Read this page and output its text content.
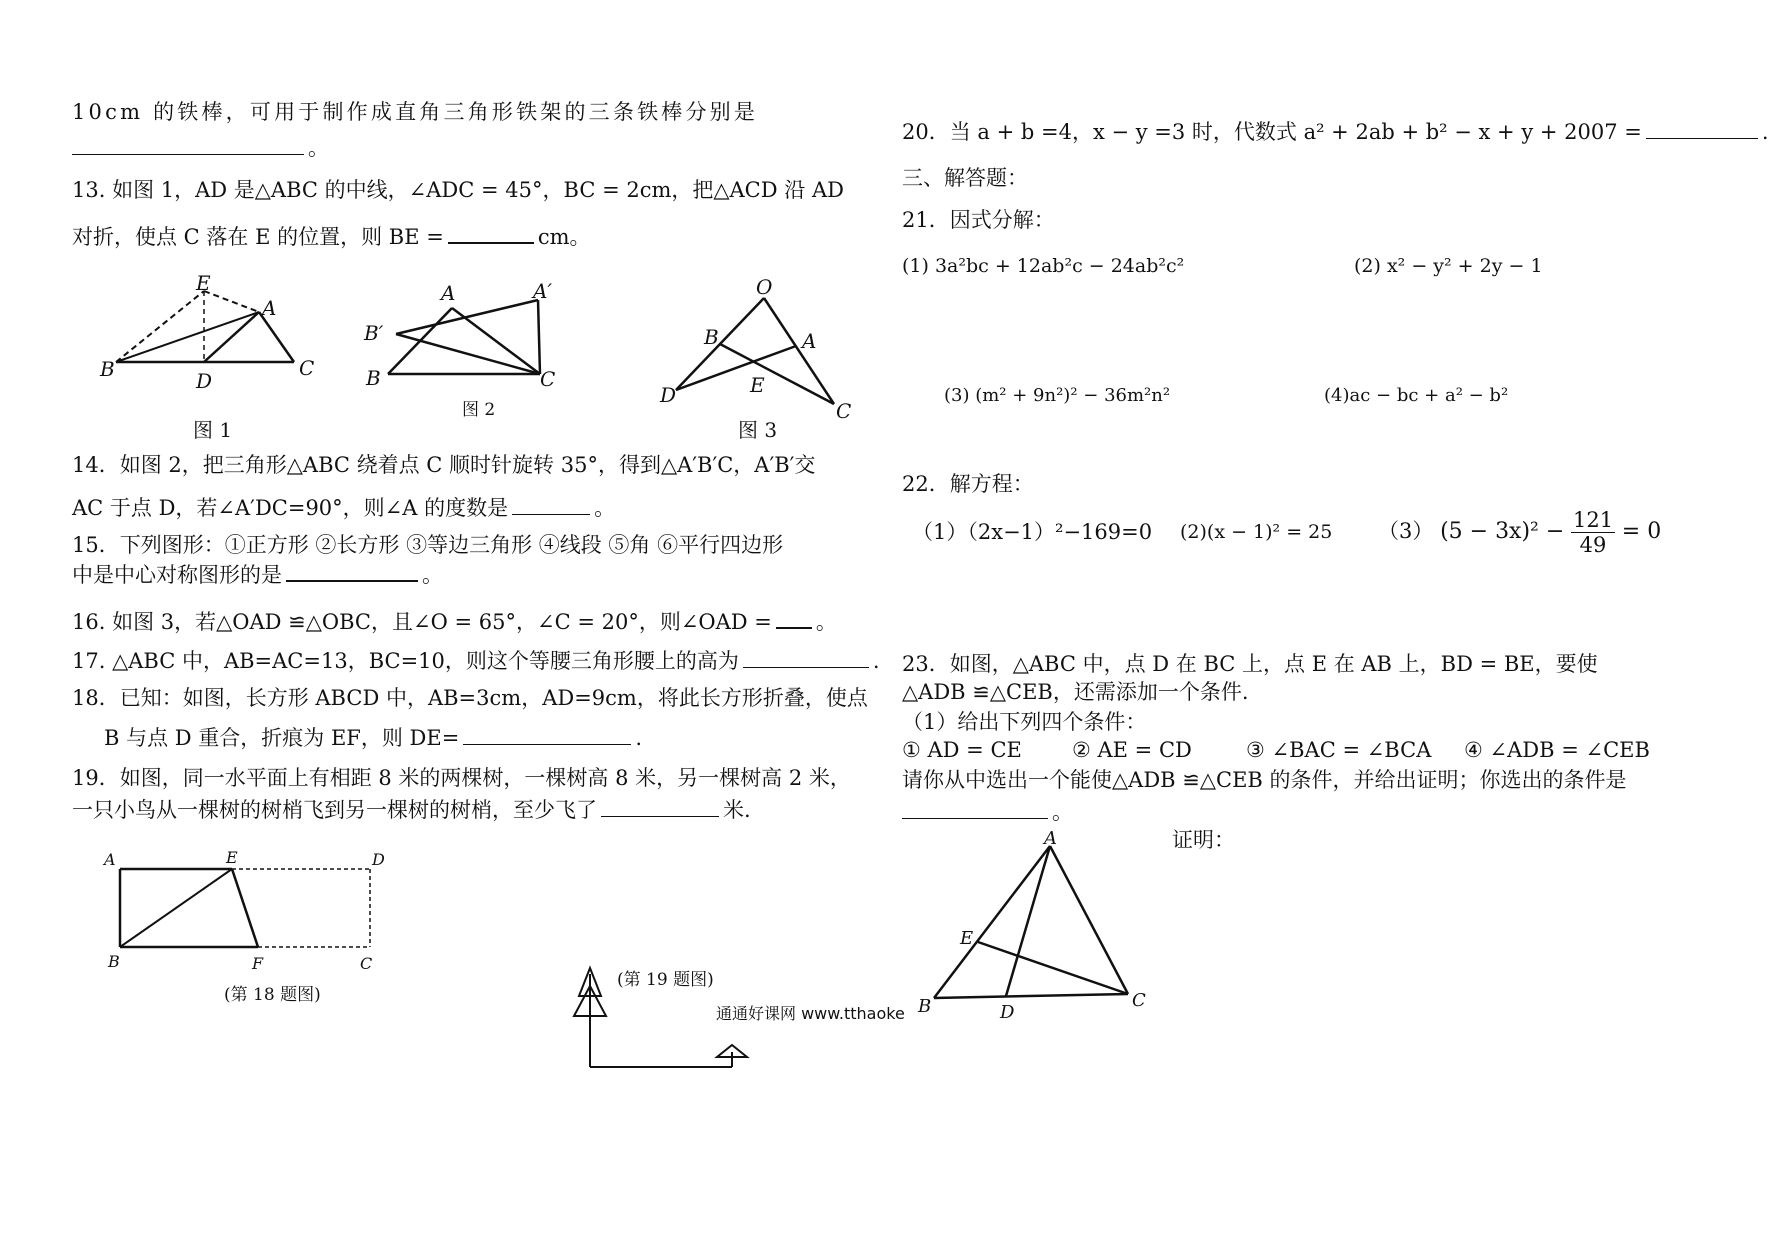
10cm 的铁棒，可用于制作成直角三角形铁架的三条铁棒分别是
。
13. 如图 1，AD 是△ABC 的中线，∠ADC = 45°，BC = 2cm，把△ACD 沿 AD
对折，使点 C 落在 E 的位置，则 BE =	cm。
E
A
B	D
C
图 1
A	A′
B′
B	C
图 2
O
B	A
E
D
C
图 3
14．如图 2，把三角形△ABC 绕着点 C 顺时针旋转 35°，得到△A′B′C，A′B′交
AC 于点 D，若∠A′DC=90°，则∠A 的度数是	。
15．下列图形：①正方形 ②长方形 ③等边三角形 ④线段 ⑤角 ⑥平行四边形
中是中心对称图形的是	。
16. 如图 3，若△OAD ≌△OBC，且∠O = 65°，∠C = 20°，则∠OAD = 。
17. △ABC 中，AB=AC=13，BC=10，则这个等腰三角形腰上的高为	.
18．已知：如图，长方形 ABCD 中，AB=3cm，AD=9cm，将此长方形折叠，使点
B 与点 D 重合，折痕为 EF，则 DE=	.
19．如图，同一水平面上有相距 8 米的两棵树，一棵树高 8 米，另一棵树高 2 米，
一只小鸟从一棵树的树梢飞到另一棵树的树梢，至少飞了	米.
A	E	D
B	F	C
(第 18 题图)
(第 19 题图)
通通好课网 www.tthaoke
20．当 a + b =4，x − y =3 时，代数式 a² + 2ab + b² − x + y + 2007 =	.
三、解答题：
21．因式分解：
(1) 3a²bc + 12ab²c − 24ab²c²	(2) x² − y² + 2y − 1
(3) (m² + 9n²)² − 36m²n²	(4)ac − bc + a² − b²
22．解方程：
（1）（2x−1）²−169=0 (2)(x − 1)² = 25 （3） $(5 - 3x)^2 - \frac{121}{49} = 0$
23．如图，△ABC 中，点 D 在 BC 上，点 E 在 AB 上，BD = BE，要使
△ADB ≌△CEB，还需添加一个条件.
（1）给出下列四个条件：
① AD = CE ② AE = CD	③ ∠BAC = ∠BCA ④ ∠ADB = ∠CEB
请你从中选出一个能使△ADB ≌△CEB 的条件，并给出证明；你选出的条件是
。
证明：
A
E
B	D
C
